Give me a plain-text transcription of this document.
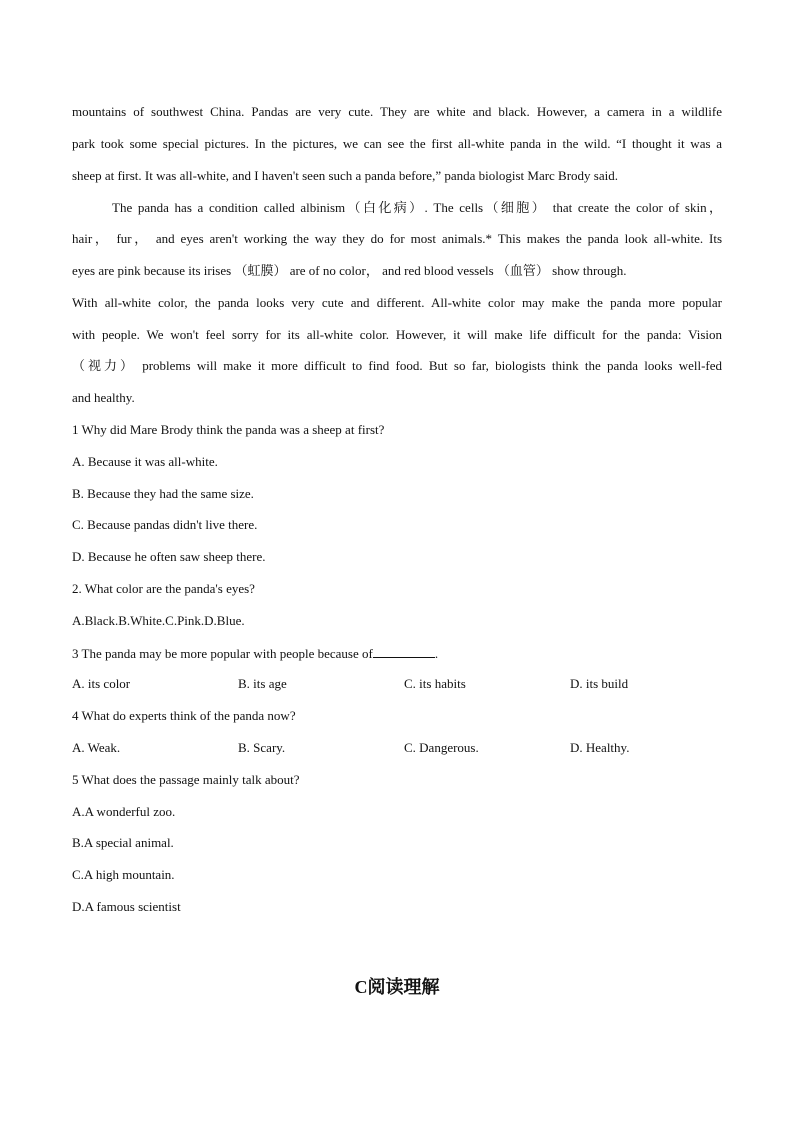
mountains of southwest China. Pandas are very cute. They are white and black. However, a camera in a wildlife
park took some special pictures. In the pictures, we can see the first all-white panda in the wild. “I thought it was a
sheep at first. It was all-white, and I haven't seen such a panda before,” panda biologist Marc Brody said.
The panda has a condition called albinism（白化病）. The cells（细胞） that create the color of skin，
hair， fur， and eyes aren't working the way they do for most animals.* This makes the panda look all-white. Its
eyes are pink because its irises （虹膜） are of no color， and red blood vessels （血管） show through.
With all-white color, the panda looks very cute and different. All-white color may make the panda more popular
with people. We won't feel sorry for its all-white color. However, it will make life difficult for the panda: Vision
（视力） problems will make it more difficult to find food. But so far, biologists think the panda looks well-fed
and healthy.
1 Why did Mare Brody think the panda was a sheep at first?
A. Because it was all-white.
B. Because they had the same size.
C. Because pandas didn't live there.
D. Because he often saw sheep there.
2. What color are the panda's eyes?
A.Black.B.White.C.Pink.D.Blue.
3 The panda may be more popular with people because of	.
A. its color	B. its age	C. its habits	D. its build
4 What do experts think of the panda now?
A. Weak.	B. Scary.	C. Dangerous.	D. Healthy.
5 What does the passage mainly talk about?
A.A wonderful zoo.
B.A special animal.
C.A high mountain.
D.A famous scientist
C阅读理解
